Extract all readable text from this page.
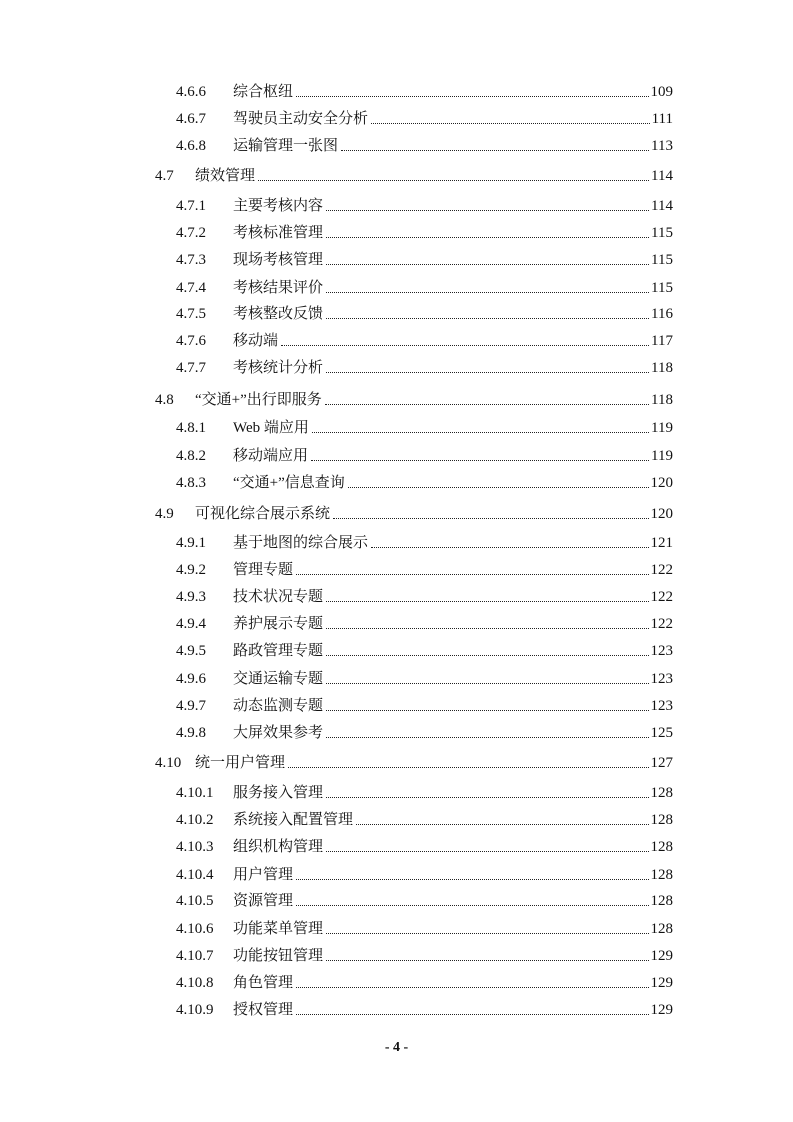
4.6.6	综合枢纽	109
4.6.7	驾驶员主动安全分析	111
4.6.8	运输管理一张图	113
4.7	绩效管理	114
4.7.1	主要考核内容	114
4.7.2	考核标准管理	115
4.7.3	现场考核管理	115
4.7.4	考核结果评价	115
4.7.5	考核整改反馈	116
4.7.6	移动端	117
4.7.7	考核统计分析	118
4.8	“交通+”出行即服务	118
4.8.1	Web 端应用	119
4.8.2	移动端应用	119
4.8.3	“交通+”信息查询	120
4.9	可视化综合展示系统	120
4.9.1	基于地图的综合展示	121
4.9.2	管理专题	122
4.9.3	技术状况专题	122
4.9.4	养护展示专题	122
4.9.5	路政管理专题	123
4.9.6	交通运输专题	123
4.9.7	动态监测专题	123
4.9.8	大屏效果参考	125
4.10 统一用户管理	127
4.10.1	服务接入管理	128
4.10.2	系统接入配置管理	128
4.10.3	组织机构管理	128
4.10.4	用户管理	128
4.10.5	资源管理	128
4.10.6	功能菜单管理	128
4.10.7	功能按钮管理	129
4.10.8	角色管理	129
4.10.9	授权管理	129
- 4 -
